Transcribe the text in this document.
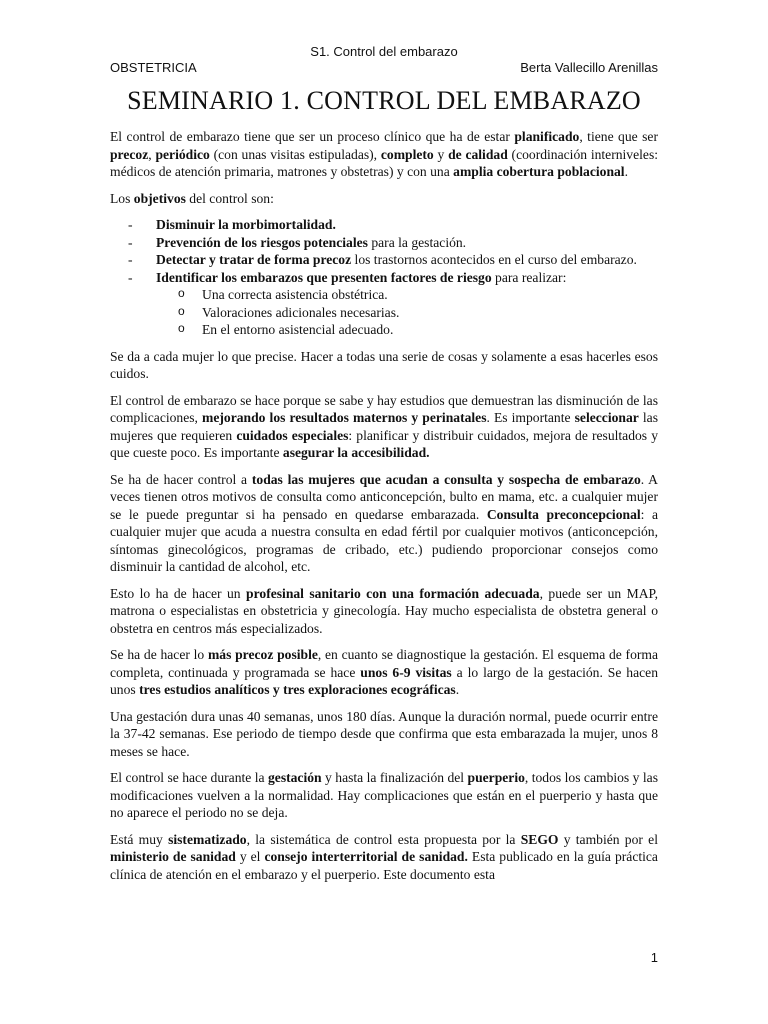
S1. Control del embarazo
OBSTETRICIA	Berta Vallecillo Arenillas
SEMINARIO 1. CONTROL DEL EMBARAZO

El control de embarazo tiene que ser un proceso clínico que ha de estar planificado, tiene que ser precoz, periódico (con unas visitas estipuladas), completo y de calidad (coordinación interniveles: médicos de atención primaria, matrones y obstetras) y con una amplia cobertura poblacional.

Los objetivos del control son:

- Disminuir la morbimortalidad.
- Prevención de los riesgos potenciales para la gestación.
- Detectar y tratar de forma precoz los trastornos acontecidos en el curso del embarazo.
- Identificar los embarazos que presenten factores de riesgo para realizar:
o Una correcta asistencia obstétrica.
o Valoraciones adicionales necesarias.
o En el entorno asistencial adecuado.

Se da a cada mujer lo que precise. Hacer a todas una serie de cosas y solamente a esas hacerles esos cuidos.

El control de embarazo se hace porque se sabe y hay estudios que demuestran las disminución de las complicaciones, mejorando los resultados maternos y perinatales. Es importante seleccionar las mujeres que requieren cuidados especiales: planificar y distribuir cuidados, mejora de resultados y que cueste poco. Es importante asegurar la accesibilidad.

Se ha de hacer control a todas las mujeres que acudan a consulta y sospecha de embarazo. A veces tienen otros motivos de consulta como anticoncepción, bulto en mama, etc. a cualquier mujer se le puede preguntar si ha pensado en quedarse embarazada. Consulta preconcepcional: a cualquier mujer que acuda a nuestra consulta en edad fértil por cualquier motivos (anticoncepción, síntomas ginecológicos, programas de cribado, etc.) pudiendo proporcionar consejos como disminuir la cantidad de alcohol, etc.

Esto lo ha de hacer un profesinal sanitario con una formación adecuada, puede ser un MAP, matrona o especialistas en obstetricia y ginecología. Hay mucho especialista de obstetra general o obstetra en centros más especializados.

Se ha de hacer lo más precoz posible, en cuanto se diagnostique la gestación. El esquema de forma completa, continuada y programada se hace unos 6-9 visitas a lo largo de la gestación. Se hacen unos tres estudios analíticos y tres exploraciones ecográficas.

Una gestación dura unas 40 semanas, unos 180 días. Aunque la duración normal, puede ocurrir entre la 37-42 semanas. Ese periodo de tiempo desde que confirma que esta embarazada la mujer, unos 8 meses se hace.

El control se hace durante la gestación y hasta la finalización del puerperio, todos los cambios y las modificaciones vuelven a la normalidad. Hay complicaciones que están en el puerperio y hasta que no aparece el periodo no se deja.

Está muy sistematizado, la sistemática de control esta propuesta por la SEGO y también por el ministerio de sanidad y el consejo interterritorial de sanidad. Esta publicado en la guía práctica clínica de atención en el embarazo y el puerperio. Este documento esta

1
